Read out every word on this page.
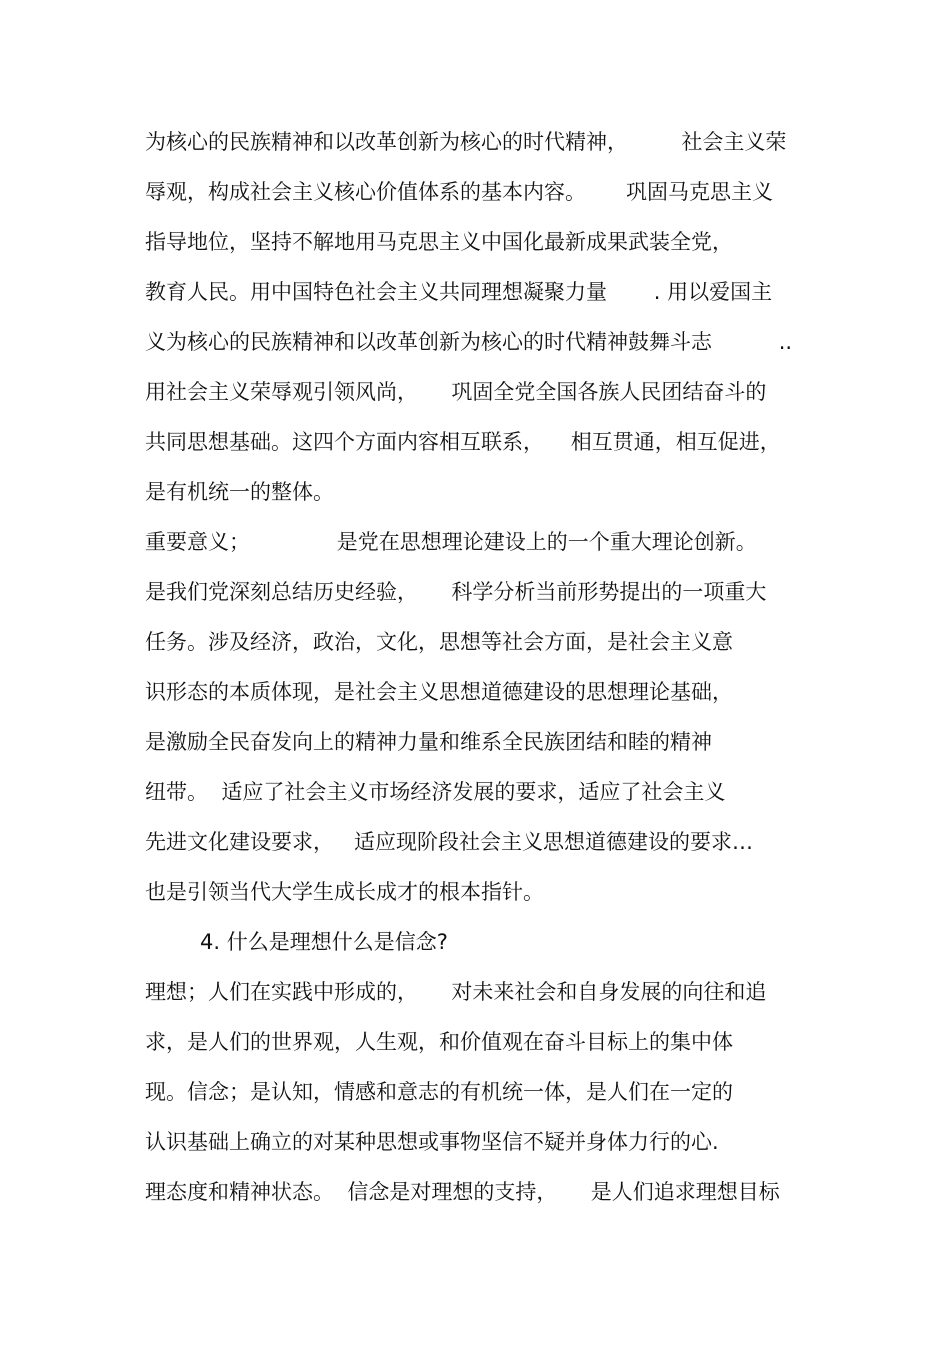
为核心的民族精神和以改革创新为核心的时代精神，        社会主义荣
辱观，构成社会主义核心价值体系的基本内容。      巩固马克思主义
指导地位，坚持不解地用马克思主义中国化最新成果武装全党，
教育人民。用中国特色社会主义共同理想凝聚力量       . 用以爱国主
义为核心的民族精神和以改革创新为核心的时代精神鼓舞斗志          ..
用社会主义荣辱观引领风尚，     巩固全党全国各族人民团结奋斗的
共同思想基础。这四个方面内容相互联系，    相互贯通，相互促进，
是有机统一的整体。
重要意义；             是党在思想理论建设上的一个重大理论创新。
是我们党深刻总结历史经验，     科学分析当前形势提出的一项重大
任务。涉及经济，政治，文化，思想等社会方面，是社会主义意
识形态的本质体现，是社会主义思想道德建设的思想理论基础，
是激励全民奋发向上的精神力量和维系全民族团结和睦的精神
纽带。  适应了社会主义市场经济发展的要求，适应了社会主义
先进文化建设要求，   适应现阶段社会主义思想道德建设的要求…
也是引领当代大学生成长成才的根本指针。
4. 什么是理想什么是信念?
理想；人们在实践中形成的，     对未来社会和自身发展的向往和追
求，是人们的世界观，人生观，和价值观在奋斗目标上的集中体
现。信念；是认知，情感和意志的有机统一体，是人们在一定的
认识基础上确立的对某种思想或事物坚信不疑并身体力行的心.
理态度和精神状态。  信念是对理想的支持，     是人们追求理想目标
